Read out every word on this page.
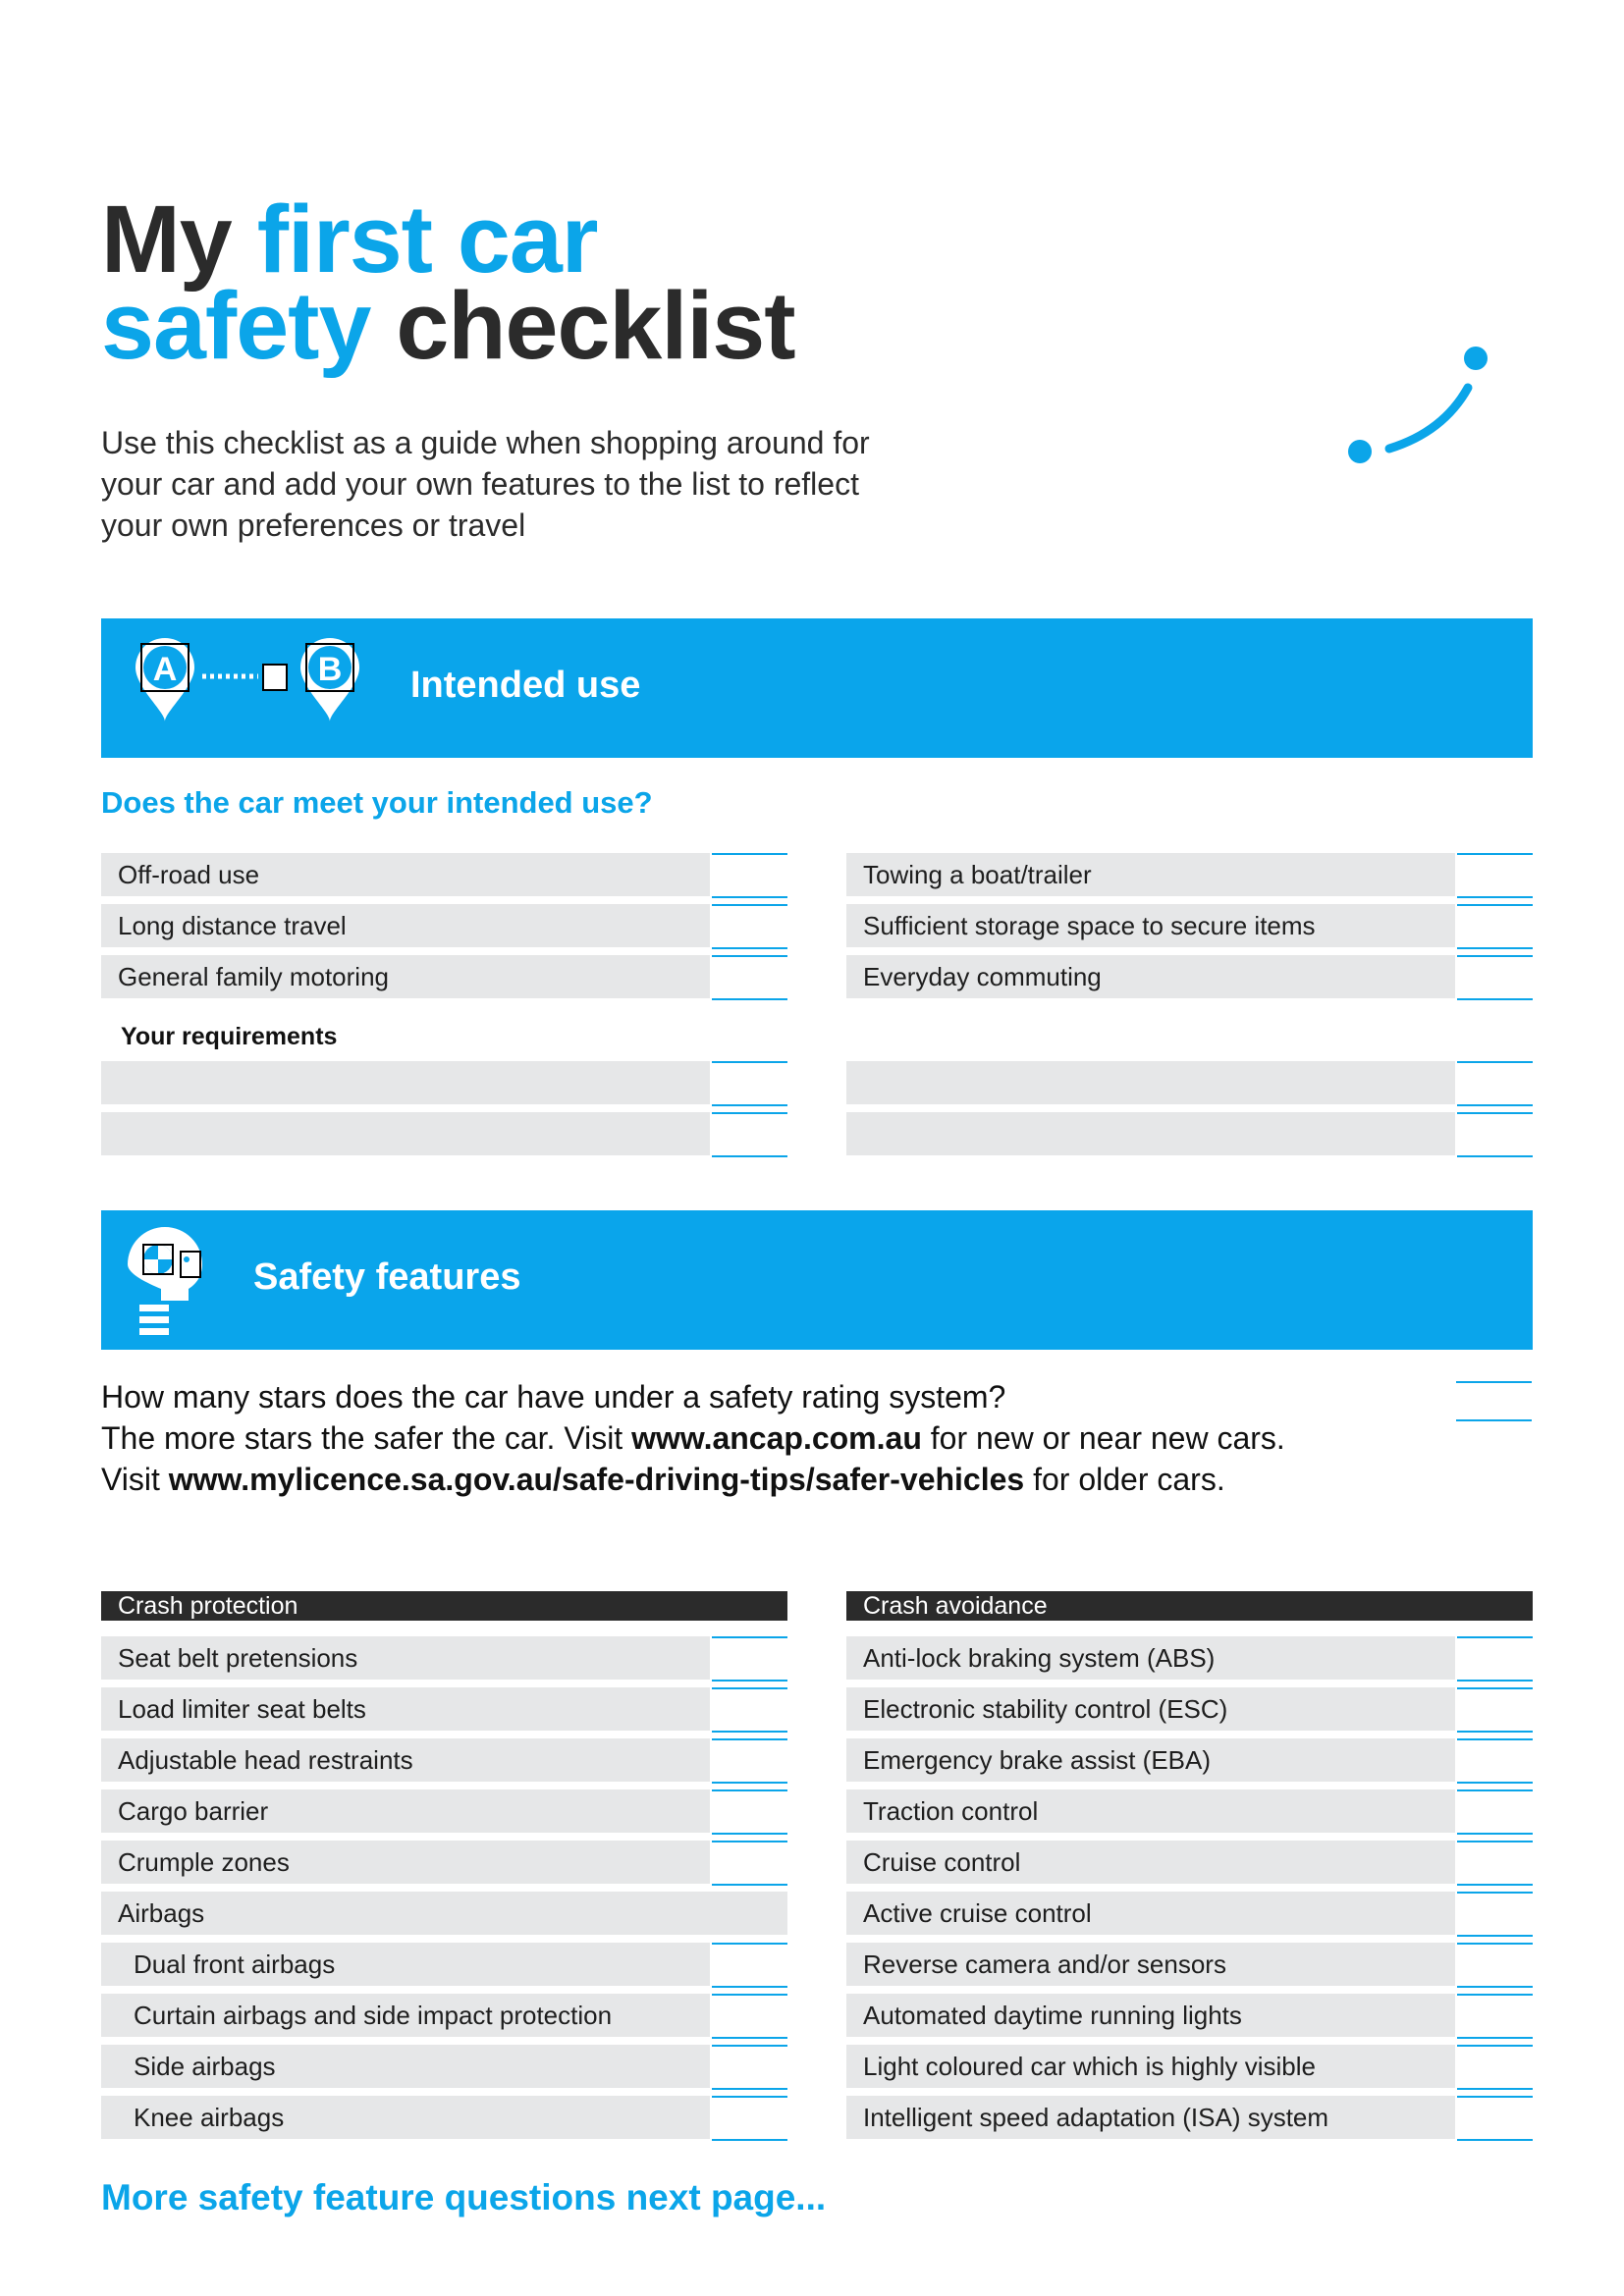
My first car
safety checklist
Use this checklist as a guide when shopping around for your car and add your own features to the list to reflect your own preferences or travel
A	B Intended use
Does the car meet your intended use?
Off-road use
Long distance travel
General family motoring
Towing a boat/trailer
Sufficient storage space to secure items
Everyday commuting
Your requirements
Safety features
How many stars does the car have under a safety rating system?
The more stars the safer the car. Visit www.ancap.com.au for new or near new cars. Visit www.mylicence.sa.gov.au/safe-driving-tips/safer-vehicles for older cars.
Crash protection
Seat belt pretensions
Load limiter seat belts
Adjustable head restraints
Cargo barrier
Crumple zones
Airbags
Dual front airbags
Curtain airbags and side impact protection
Side airbags
Knee airbags
Crash avoidance
Anti-lock braking system (ABS)
Electronic stability control (ESC)
Emergency brake assist (EBA)
Traction control
Cruise control
Active cruise control
Reverse camera and/or sensors
Automated daytime running lights
Light coloured car which is highly visible
Intelligent speed adaptation (ISA) system
More safety feature questions next page...
